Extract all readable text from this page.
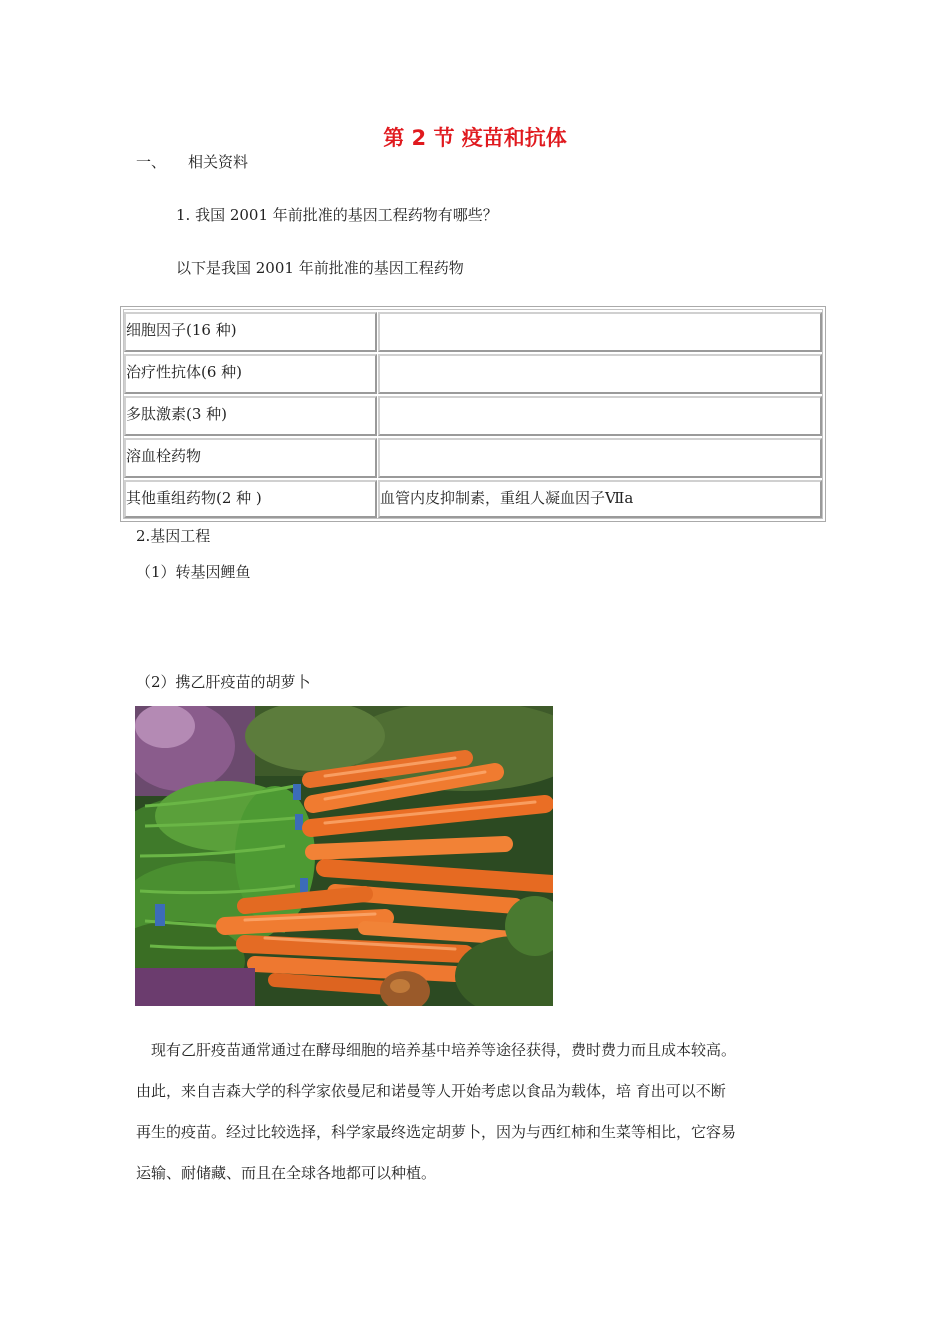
第 2 节 疫苗和抗体
一、 相关资料
1. 我国 2001 年前批准的基因工程药物有哪些？
以下是我国 2001 年前批准的基因工程药物
细胞因子(16 种)
治疗性抗体(6 种)
多肽激素(3 种)
溶血栓药物
其他重组药物(2 种 )	血管内皮抑制素，重组人凝血因子Ⅶa
2.基因工程
（1）转基因鲤鱼
（2）携乙肝疫苗的胡萝卜

　现有乙肝疫苗通常通过在酵母细胞的培养基中培养等途径获得，费时费力而且成本较高。

由此，来自吉森大学的科学家依曼尼和诺曼等人开始考虑以食品为载体，培 育出可以不断

再生的疫苗。经过比较选择，科学家最终选定胡萝卜，因为与西红柿和生菜等相比，它容易

运输、耐储藏、而且在全球各地都可以种植。
